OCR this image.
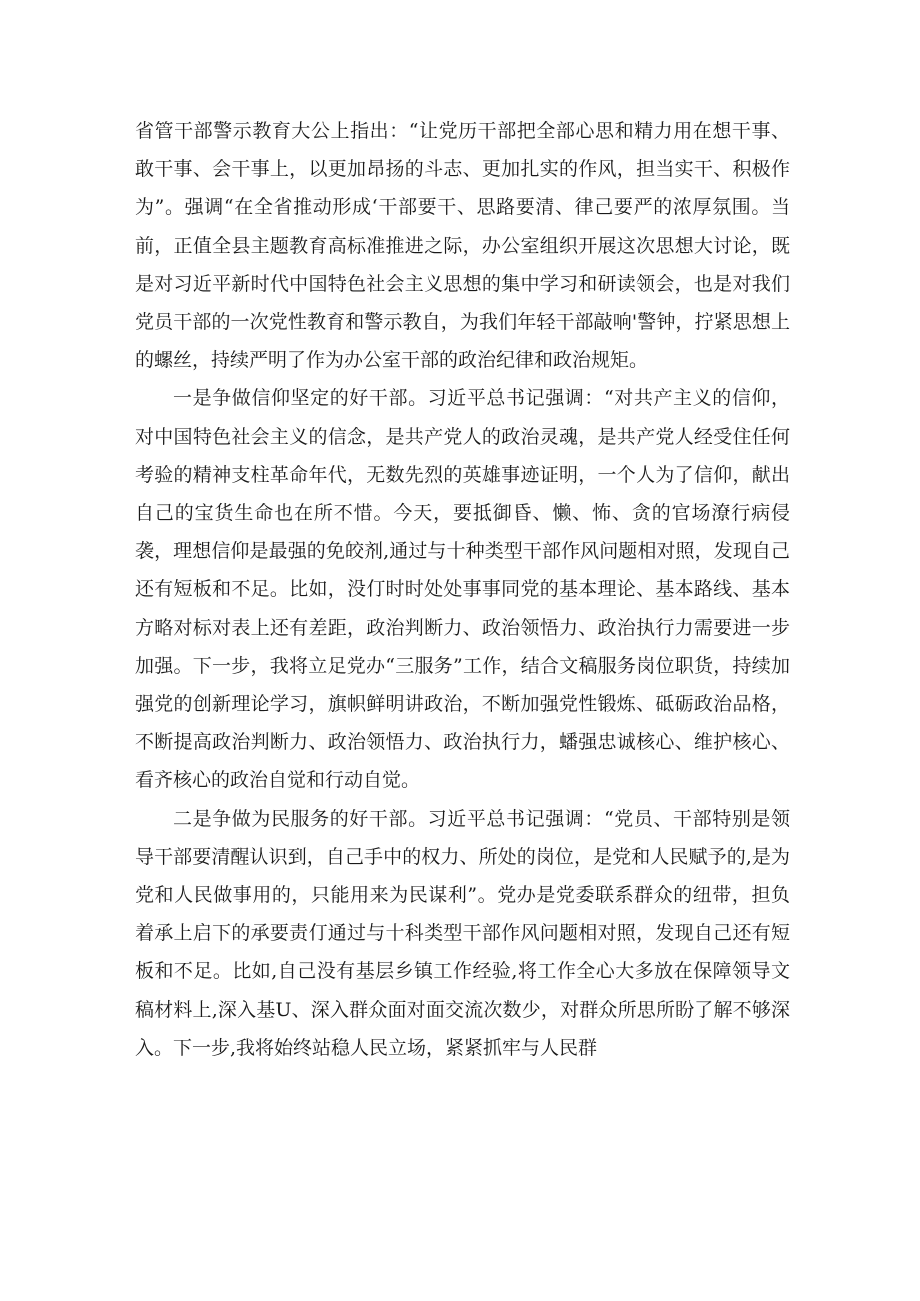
省管干部警示教育大公上指出：“让党历干部把全部心思和精力用在想干事、敢干事、会干事上，以更加昂扬的斗志、更加扎实的作风，担当实干、积极作为”。强调“在全省推动形成‘干部要干、思路要清、律己要严的浓厚氛围。当前，正值全县主题教育高标准推进之际，办公室组织开展这次思想大讨论，既是对习近平新时代中国特色社会主义思想的集中学习和研读领会，也是对我们党员干部的一次党性教育和警示教自，为我们年轻干部敲响'警钟，拧紧思想上的螺丝，持续严明了作为办公室干部的政治纪律和政治规矩。

一是争做信仰坚定的好干部。习近平总书记强调：“对共产主义的信仰，对中国特色社会主义的信念，是共产党人的政治灵魂，是共产党人经受住任何考验的精神支柱革命年代，无数先烈的英雄事迹证明，一个人为了信仰，献出自己的宝货生命也在所不惜。今天，要抵御昏、懒、怖、贪的官场潦行病侵袭，理想信仰是最强的免皎剂,通过与十种类型干部作风问题相对照，发现自己还有短板和不足。比如，没仃时时处处事事同党的基本理论、基本路线、基本方略对标对表上还有差距，政治判断力、政治领悟力、政治执行力需要进一步加强。下一步，我将立足党办“三服务”工作，结合文稿服务岗位职货，持续加强党的创新理论学习，旗帜鲜明讲政治，不断加强党性锻炼、砥砺政治品格，不断提高政治判断力、政治领悟力、政治执行力，蟠强忠诚核心、维护核心、看齐核心的政治自觉和行动自觉。

二是争做为民服务的好干部。习近平总书记强调：“党员、干部特别是领导干部要清醒认识到，自己手中的权力、所处的岗位，是党和人民赋予的,是为党和人民做事用的，只能用来为民谋利”。党办是党委联系群众的纽带，担负着承上启下的承要责仃通过与十科类型干部作风问题相对照，发现自己还有短板和不足。比如,自己没有基层乡镇工作经验,将工作全心大多放在保障领导文稿材料上,深入基U、深入群众面对面交流次数少，对群众所思所盼了解不够深入。下一步,我将始终站稳人民立场，紧紧抓牢与人民群
